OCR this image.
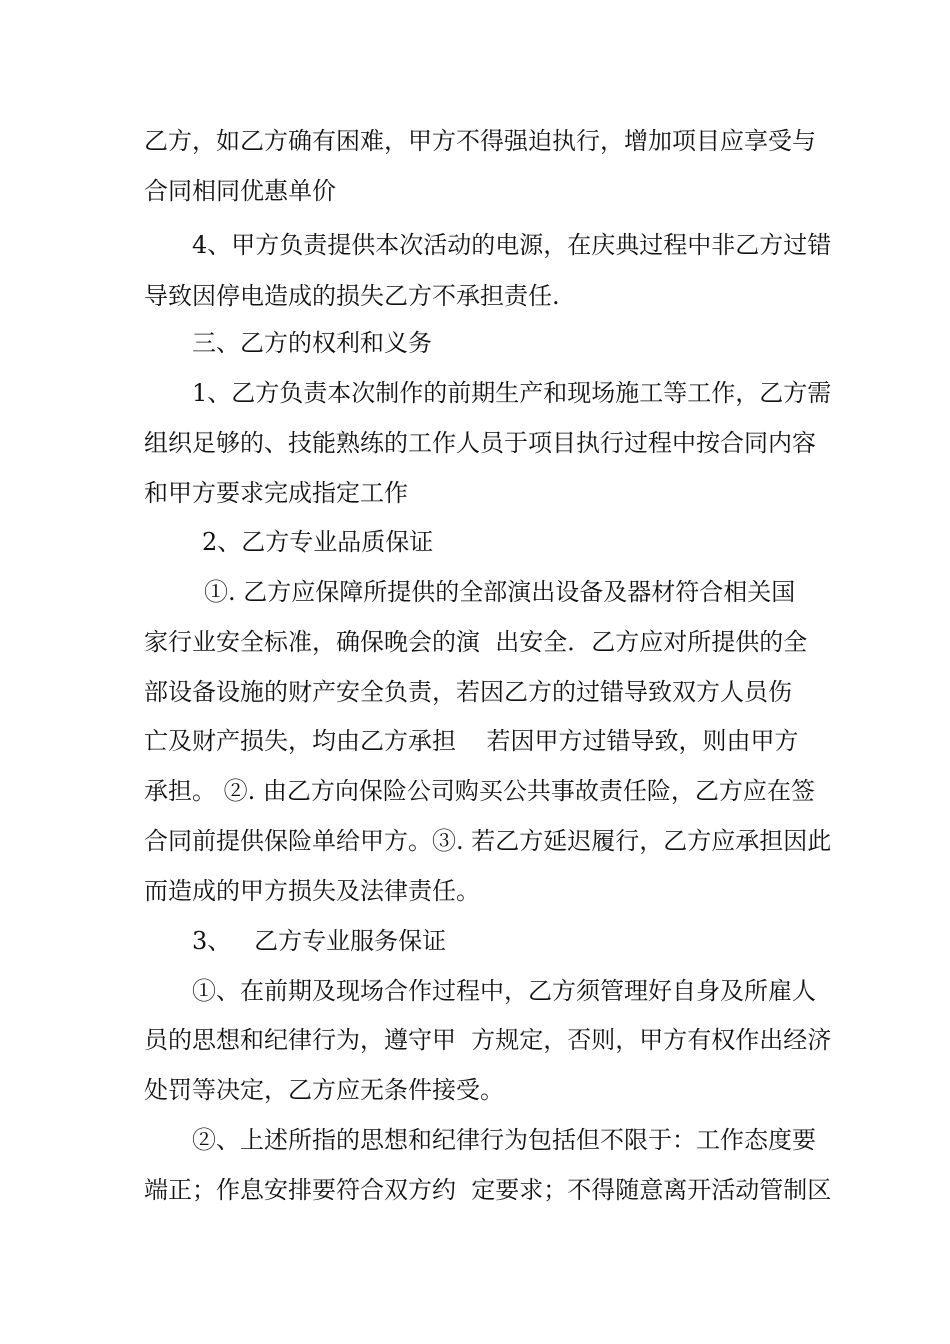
乙方，如乙方确有困难，甲方不得强迫执行，增加项目应享受与
合同相同优惠单价
4、甲方负责提供本次活动的电源，在庆典过程中非乙方过错
导致因停电造成的损失乙方不承担责任.
三、乙方的权利和义务
1、乙方负责本次制作的前期生产和现场施工等工作，乙方需
组织足够的、技能熟练的工作人员于项目执行过程中按合同内容
和甲方要求完成指定工作
2、乙方专业品质保证
①. 乙方应保障所提供的全部演出设备及器材符合相关国
家行业安全标准，确保晚会的演  出安全．乙方应对所提供的全
部设备设施的财产安全负责，若因乙方的过错导致双方人员伤
亡及财产损失，均由乙方承担    若因甲方过错导致，则由甲方
承担。 ②. 由乙方向保险公司购买公共事故责任险，乙方应在签
合同前提供保险单给甲方。③. 若乙方延迟履行，乙方应承担因此
而造成的甲方损失及法律责任。
3、   乙方专业服务保证
①、在前期及现场合作过程中，乙方须管理好自身及所雇人
员的思想和纪律行为，遵守甲  方规定，否则，甲方有权作出经济
处罚等决定，乙方应无条件接受。
②、上述所指的思想和纪律行为包括但不限于：工作态度要
端正；作息安排要符合双方约  定要求；不得随意离开活动管制区
